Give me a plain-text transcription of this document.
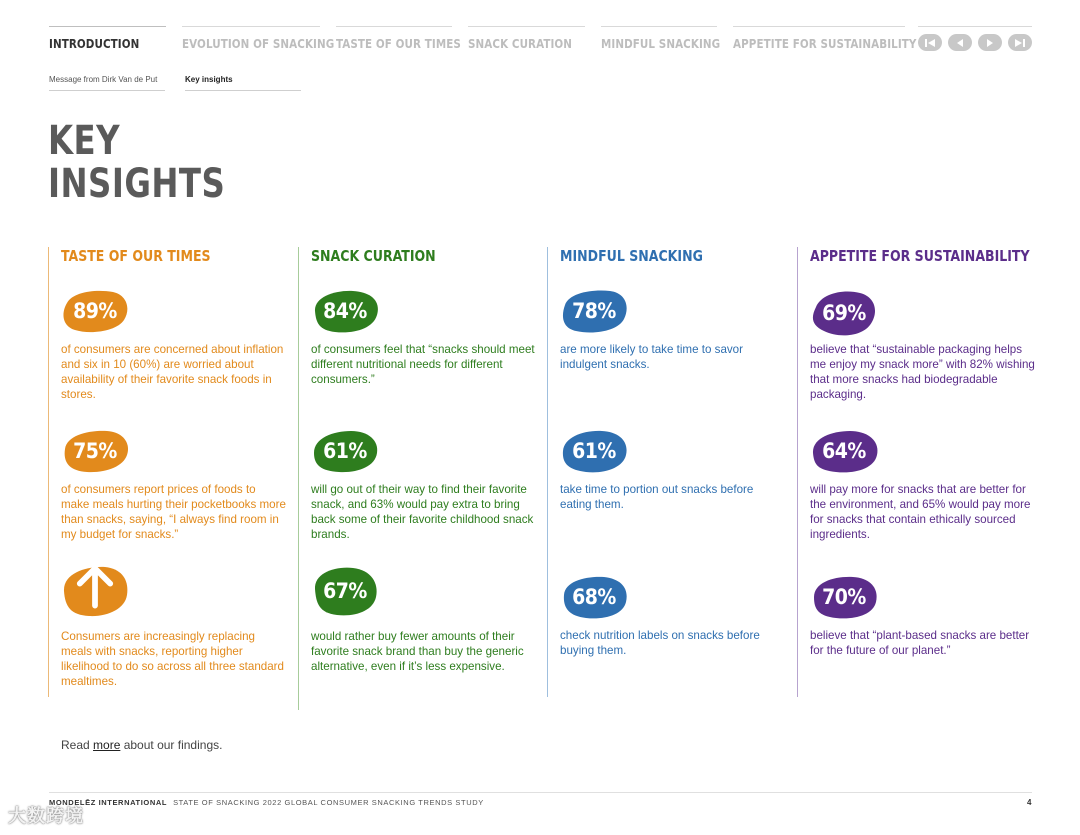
INTRODUCTION	EVOLUTION OF SNACKING TASTE OF OUR TIMES SNACK CURATION	MINDFUL SNACKING APPETITE FOR SUSTAINABILITY
Message from Dirk Van de Put	Key insights
KEY
INSIGHTS
TASTE OF OUR TIMES
89%
of consumers are concerned about inflation and six in 10 (60%) are worried about availability of their favorite snack foods in stores.
75%
of consumers report prices of foods to make meals hurting their pocketbooks more than snacks, saying, “I always find room in my budget for snacks.”
Consumers are increasingly replacing meals with snacks, reporting higher likelihood to do so across all three standard mealtimes.
SNACK CURATION
84%
of consumers feel that “snacks should meet different nutritional needs for different consumers.”
61%
will go out of their way to find their favorite snack, and 63% would pay extra to bring back some of their favorite childhood snack brands.
67%
would rather buy fewer amounts of their favorite snack brand than buy the generic alternative, even if it’s less expensive.
MINDFUL SNACKING
78%
are more likely to take time to savor indulgent snacks.
61%
take time to portion out snacks before eating them.
68%
check nutrition labels on snacks before buying them.
APPETITE FOR SUSTAINABILITY
69%
believe that “sustainable packaging helps me enjoy my snack more” with 82% wishing that more snacks had biodegradable packaging.
64%
will pay more for snacks that are better for the environment, and 65% would pay more for snacks that contain ethically sourced ingredients.
70%
believe that “plant-based snacks are better for the future of our planet.”
Read more about our findings.
MONDELĒZ INTERNATIONAL STATE OF SNACKING 2022 GLOBAL CONSUMER SNACKING TRENDS STUDY	4
大数跨境
